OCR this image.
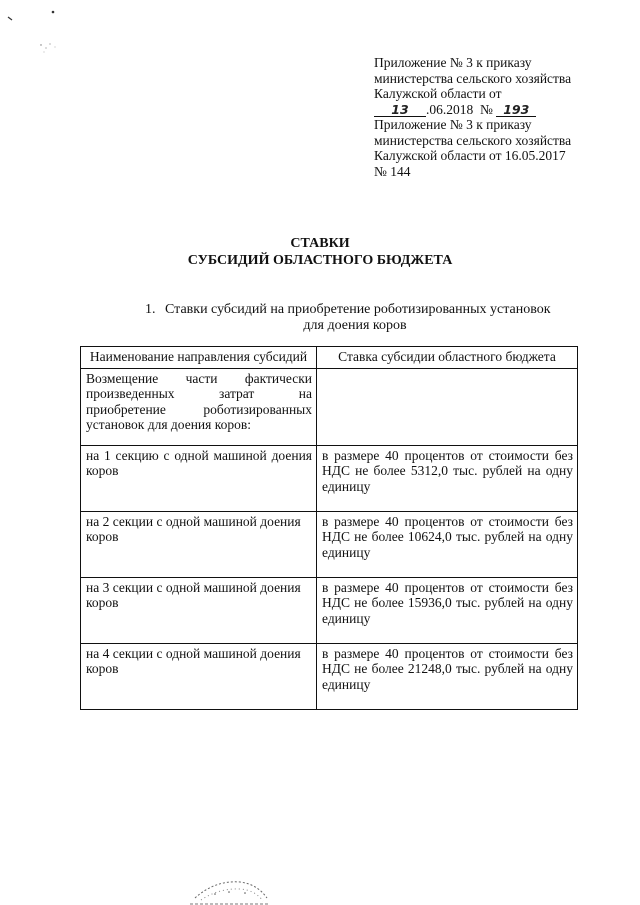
Приложение № 3 к приказу
министерства сельского хозяйства
Калужской области от
13 .06.2018 № 193
Приложение № 3 к приказу
министерства сельского хозяйства
Калужской области от 16.05.2017
№ 144
СТАВКИ
СУБСИДИЙ ОБЛАСТНОГО БЮДЖЕТА
1. Ставки субсидий на приобретение роботизированных установок
для доения коров
Наименование направления субсидий	Ставка субсидии областного бюджета
Возмещение части фактически произведенных затрат на приобретение роботизированных установок для доения коров:	
на 1 секцию с одной машиной доения коров	в размере 40 процентов от стоимости без НДС не более 5312,0 тыс. рублей на одну единицу
на 2 секции с одной машиной доения коров	в размере 40 процентов от стоимости без НДС не более 10624,0 тыс. рублей на одну единицу
на 3 секции с одной машиной доения коров	в размере 40 процентов от стоимости без НДС не более 15936,0 тыс. рублей на одну единицу
на 4 секции с одной машиной доения коров	в размере 40 процентов от стоимости без НДС не более 21248,0 тыс. рублей на одну единицу
